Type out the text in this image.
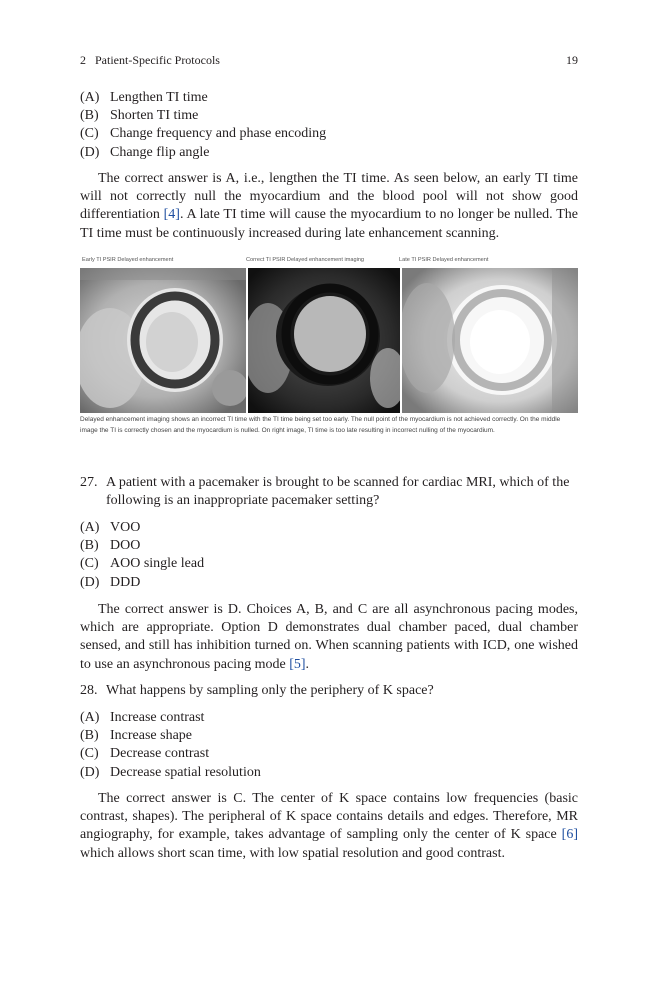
2   Patient-Specific Protocols	19
(A) Lengthen TI time
(B) Shorten TI time
(C) Change frequency and phase encoding
(D) Change flip angle

The correct answer is A, i.e., lengthen the TI time. As seen below, an early TI time will not correctly null the myocardium and the blood pool will not show good differentiation [4]. A late TI time will cause the myocardium to no longer be nulled. The TI time must be continuously increased during late enhancement scanning.

Early TI PSIR Delayed enhancement	Correct TI PSIR Delayed enhancement imaging	Late TI PSIR Delayed enhancement
Delayed enhancement imaging shows an incorrect TI time with the TI time being set too early. The null point of the myocardium is not achieved correctly. On the middle image the TI is correctly chosen and the myocardium is nulled. On right image, TI time is too late resulting in incorrect nulling of the myocardium.
27. A patient with a pacemaker is brought to be scanned for cardiac MRI, which of the following is an inappropriate pacemaker setting?
(A) VOO
(B) DOO
(C) AOO single lead
(D) DDD

The correct answer is D. Choices A, B, and C are all asynchronous pacing modes, which are appropriate. Option D demonstrates dual chamber paced, dual chamber sensed, and still has inhibition turned on. When scanning patients with ICD, one wished to use an asynchronous pacing mode [5].

28. What happens by sampling only the periphery of K space?
(A) Increase contrast
(B) Increase shape
(C) Decrease contrast
(D) Decrease spatial resolution

The correct answer is C. The center of K space contains low frequencies (basic contrast, shapes). The peripheral of K space contains details and edges. Therefore, MR angiography, for example, takes advantage of sampling only the center of K space [6] which allows short scan time, with low spatial resolution and good contrast.
